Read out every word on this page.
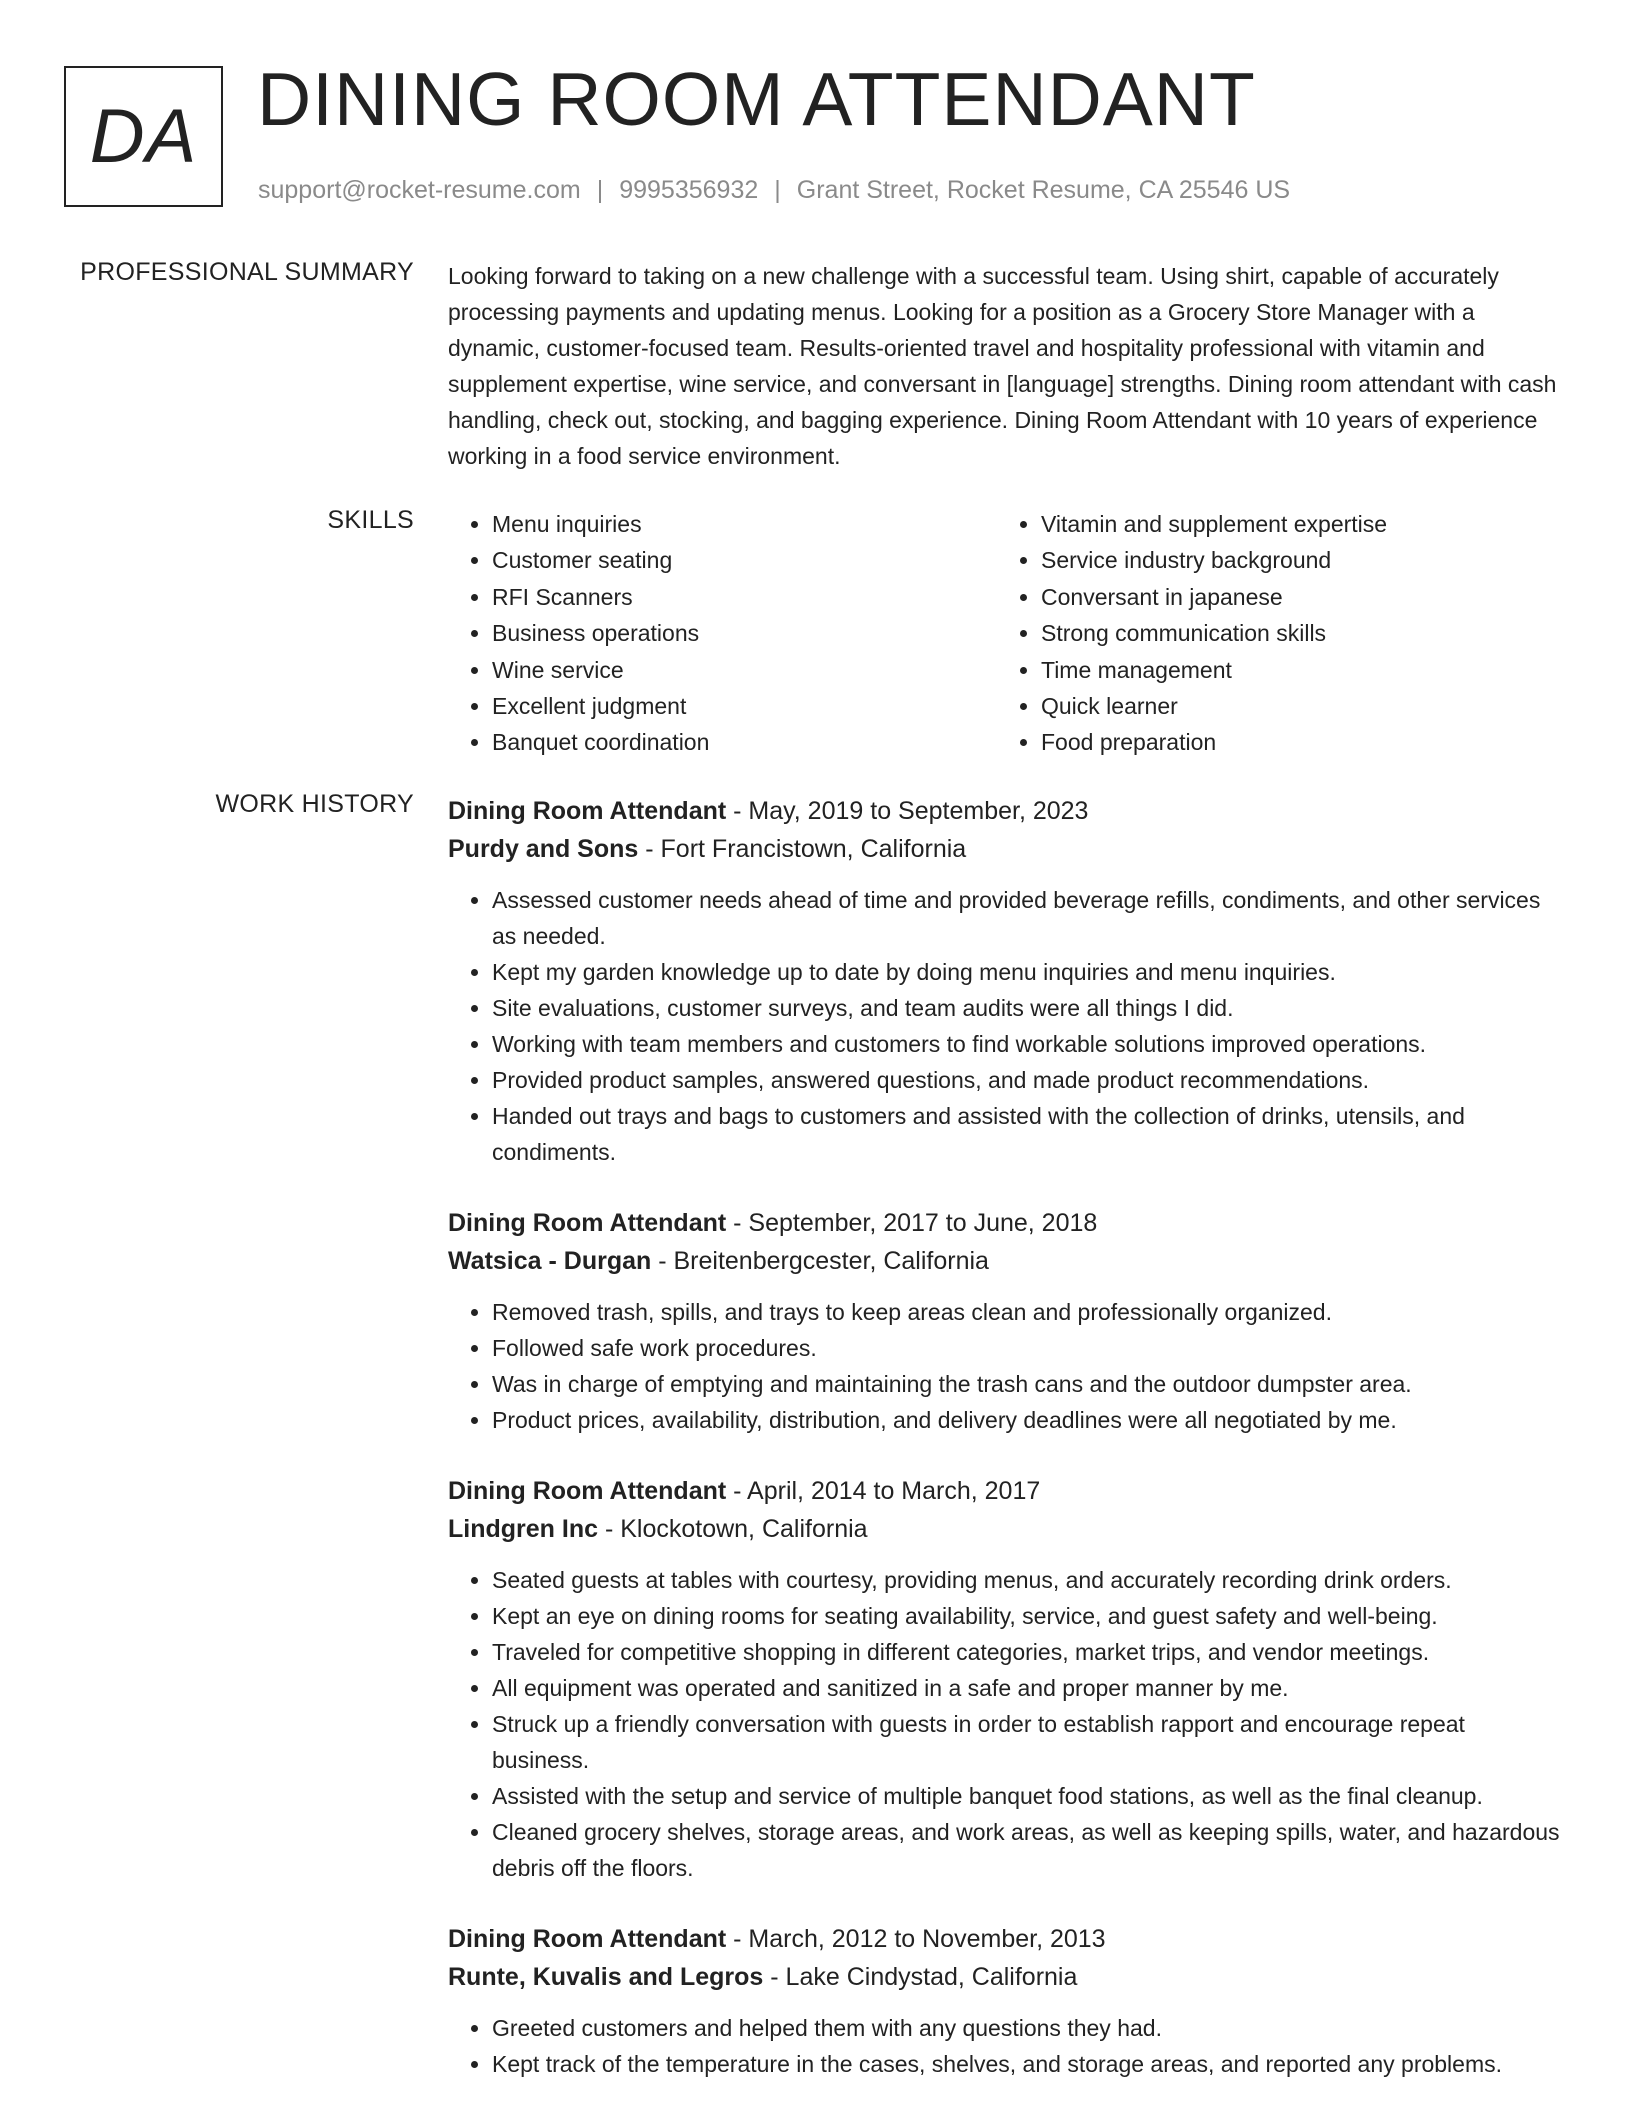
DA DINING ROOM ATTENDANT
support@rocket-resume.com | 9995356932 | Grant Street, Rocket Resume, CA 25546 US
PROFESSIONAL SUMMARY Looking forward to taking on a new challenge with a successful team. Using shirt, capable of accurately processing payments and updating menus. Looking for a position as a Grocery Store Manager with a dynamic, customer-focused team. Results-oriented travel and hospitality professional with vitamin and supplement expertise, wine service, and conversant in [language] strengths. Dining room attendant with cash handling, check out, stocking, and bagging experience. Dining Room Attendant with 10 years of experience working in a food service environment.

SKILLS
•	Menu inquiries
• Customer seating
• RFI Scanners
• Business operations
• Wine service
• Excellent judgment
• Banquet coordination
• Vitamin and supplement expertise
• Service industry background
• Conversant in japanese
• Strong communication skills
• Time management
• Quick learner
• Food preparation
WORK HISTORY Dining Room Attendant - May, 2019 to September, 2023
Purdy and Sons - Fort Francistown, California
• Assessed customer needs ahead of time and provided beverage refills, condiments, and other services as needed.
• Kept my garden knowledge up to date by doing menu inquiries and menu inquiries.
• Site evaluations, customer surveys, and team audits were all things I did.
• Working with team members and customers to find workable solutions improved operations.
• Provided product samples, answered questions, and made product recommendations.
• Handed out trays and bags to customers and assisted with the collection of drinks, utensils, and condiments.
Dining Room Attendant - September, 2017 to June, 2018
Watsica - Durgan - Breitenbergcester, California
• Removed trash, spills, and trays to keep areas clean and professionally organized.
• Followed safe work procedures.
• Was in charge of emptying and maintaining the trash cans and the outdoor dumpster area.
• Product prices, availability, distribution, and delivery deadlines were all negotiated by me.
Dining Room Attendant - April, 2014 to March, 2017
Lindgren Inc - Klockotown, California
• Seated guests at tables with courtesy, providing menus, and accurately recording drink orders.
• Kept an eye on dining rooms for seating availability, service, and guest safety and well-being.
• Traveled for competitive shopping in different categories, market trips, and vendor meetings.
• All equipment was operated and sanitized in a safe and proper manner by me.
• Struck up a friendly conversation with guests in order to establish rapport and encourage repeat business.
• Assisted with the setup and service of multiple banquet food stations, as well as the final cleanup.
• Cleaned grocery shelves, storage areas, and work areas, as well as keeping spills, water, and hazardous debris off the floors.
Dining Room Attendant - March, 2012 to November, 2013
Runte, Kuvalis and Legros - Lake Cindystad, California
• Greeted customers and helped them with any questions they had.
• Kept track of the temperature in the cases, shelves, and storage areas, and reported any problems.
